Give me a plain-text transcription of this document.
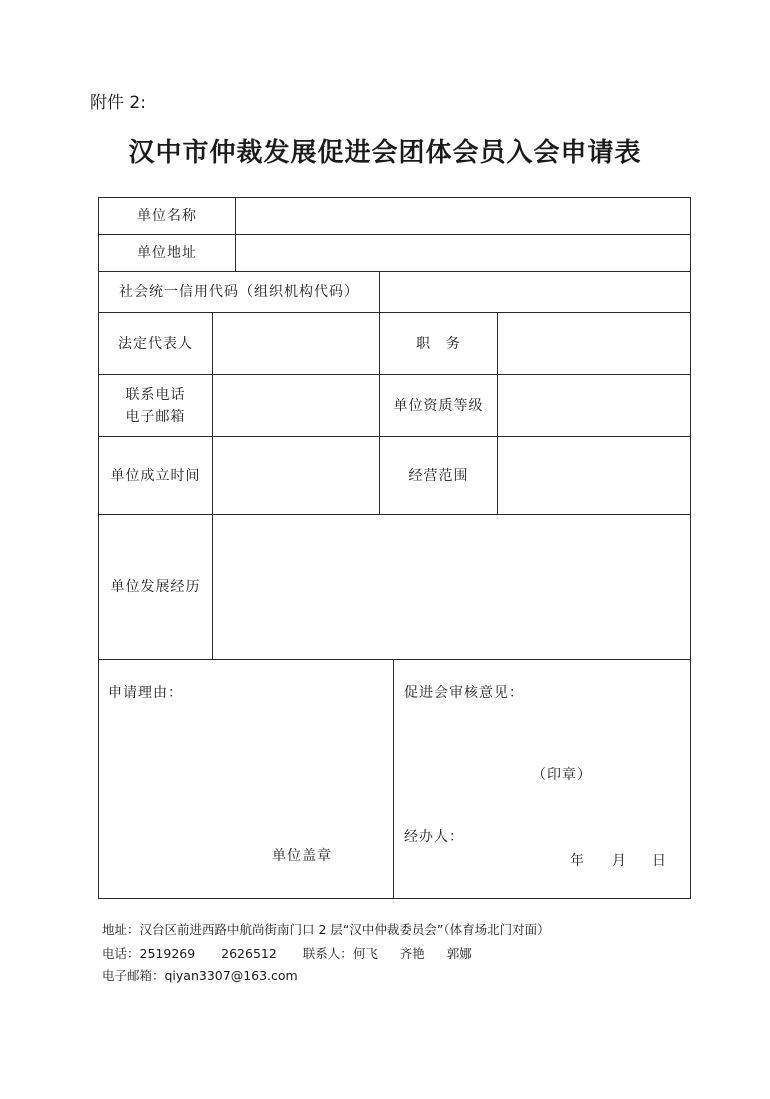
附件 2:
汉中市仲裁发展促进会团体会员入会申请表
单位名称
单位地址
社会统一信用代码（组织机构代码）
法定代表人	职　务
联系电话
电子邮箱
单位资质等级
单位成立时间	经营范围
单位发展经历
申请理由：
单位盖章
促进会审核意见：
（印章）
经办人：
年 月 日
地址：汉台区前进西路中航尚街南门口 2 层“汉中仲裁委员会”（体育场北门对面）
电话：2519269 2626512 联系人：何飞 齐艳 郭娜
电子邮箱：qiyan3307@163.com
